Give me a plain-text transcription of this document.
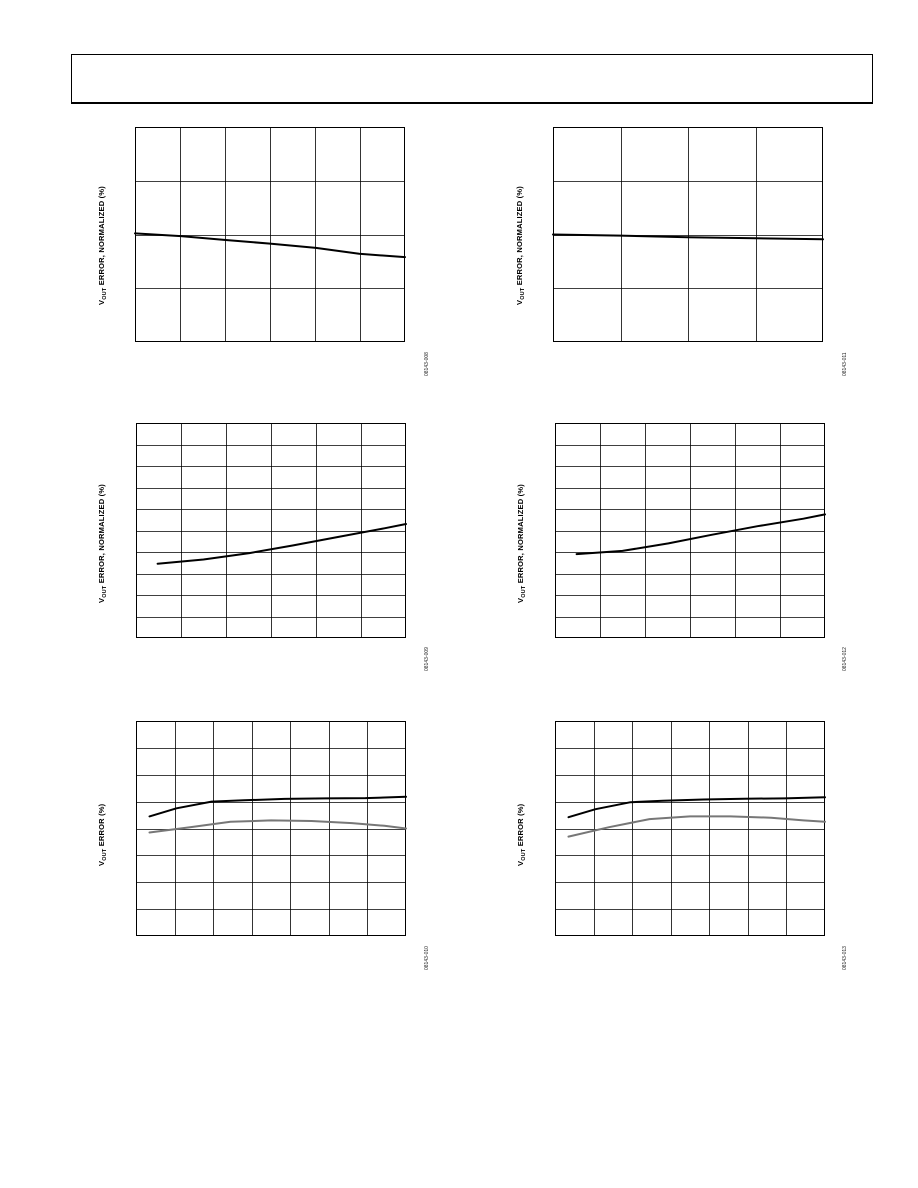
$V_{OUT}$ ERROR, NORMALIZED (%)
08143-008
$V_{OUT}$ ERROR, NORMALIZED (%)
08143-011
$V_{OUT}$ ERROR, NORMALIZED (%)
08143-009
$V_{OUT}$ ERROR, NORMALIZED (%)
08143-012
$V_{OUT}$ ERROR (%)
08143-010
$V_{OUT}$ ERROR (%)
08143-013
